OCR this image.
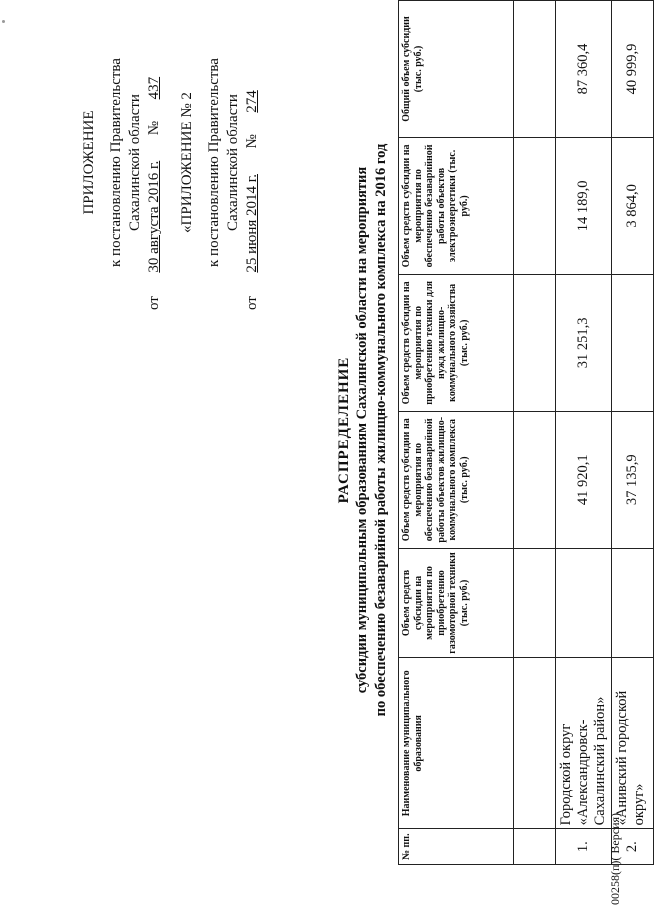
ПРИЛОЖЕНИЕ к постановлению Правительства Сахалинской области
от  30 августа 2016 г.  №  437
«ПРИЛОЖЕНИЕ № 2 к постановлению Правительства Сахалинской области
от  25 июня 2014 г.  №  274
РАСПРЕДЕЛЕНИЕ субсидии муниципальным образованиям Сахалинской области на мероприятия по обеспечению безаварийной работы жилищно-коммунального комплекса на 2016 год
№ пп.	Наименование муниципального образования	Объем средств субсидии на мероприятия по приобретению газомоторной техники (тыс. руб.)	Объем средств субсидии на мероприятия по обеспечению безаварийной работы объектов жилищно-коммунального комплекса (тыс. руб.)	Объем средств субсидии на мероприятия по приобретению техники для нужд жилищно-коммунального хозяйства (тыс. руб.)	Объем средств субсидии на мероприятия по обеспечению безаварийной работы объектов электроэнергетики (тыс. руб.)	Общий объем субсидии (тыс. руб.)

1.	Городской округ «Александровск-Сахалинский район»		41 920,1	31 251,3	14 189,0	87 360,4
2.	«Анивский городской округ»		37 135,9		3 864,0	40 999,9
00258(п)( Версия)
